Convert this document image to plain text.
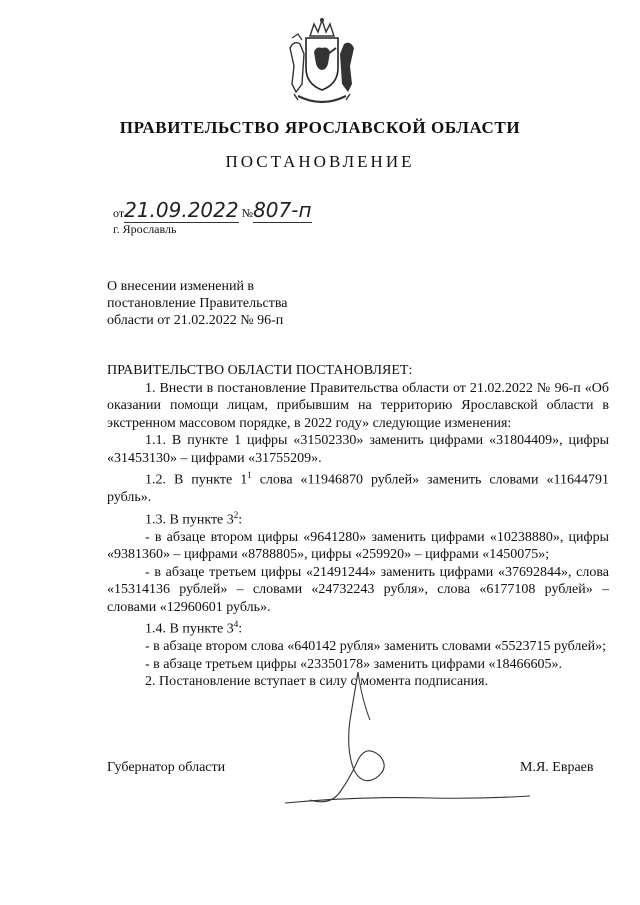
ПРАВИТЕЛЬСТВО ЯРОСЛАВСКОЙ ОБЛАСТИ
ПОСТАНОВЛЕНИЕ
от21.09.2022 №807-п
г. Ярославль
О внесении изменений в
постановление Правительства
области от 21.02.2022 № 96-п

ПРАВИТЕЛЬСТВО ОБЛАСТИ ПОСТАНОВЛЯЕТ:

1. Внести в постановление Правительства области от 21.02.2022 № 96-п «Об оказании помощи лицам, прибывшим на территорию Ярославской области в экстренном массовом порядке, в 2022 году» следующие изменения:

1.1. В пункте 1 цифры «31502330» заменить цифрами «31804409», цифры «31453130» – цифрами «31755209».

1.2. В пункте $1^1$ слова «11946870 рублей» заменить словами «11644791 рубль».

1.3. В пункте $3^2$:

- в абзаце втором цифры «9641280» заменить цифрами «10238880», цифры «9381360» – цифрами «8788805», цифры «259920» – цифрами «1450075»;

- в абзаце третьем цифры «21491244» заменить цифрами «37692844», слова «15314136 рублей» – словами «24732243 рубля», слова «6177108 рублей» – словами «12960601 рубль».

1.4. В пункте $3^4$:

- в абзаце втором слова «640142 рубля» заменить словами «5523715 рублей»;

- в абзаце третьем цифры «23350178» заменить цифрами «18466605».

2. Постановление вступает в силу с момента подписания.

Губернатор области	М.Я. Евраев
